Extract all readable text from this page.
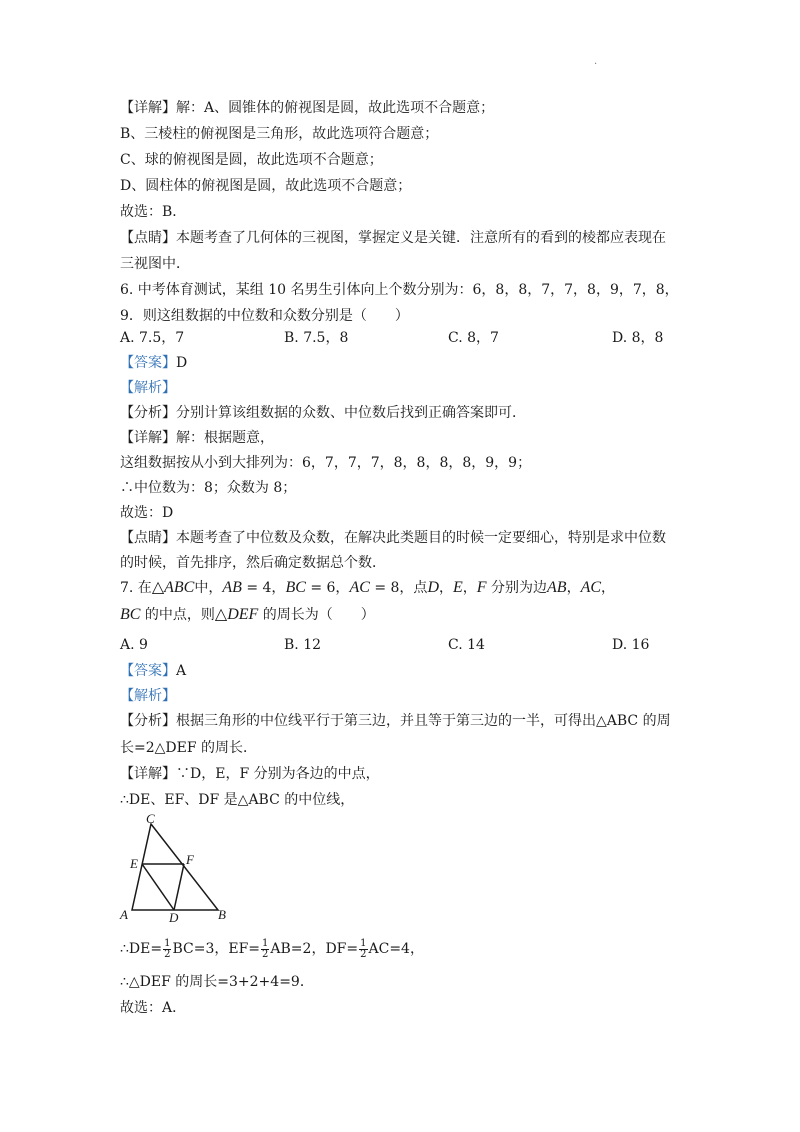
.
【详解】解：A、圆锥体的俯视图是圆，故此选项不合题意；
B、三棱柱的俯视图是三角形，故此选项符合题意；
C、球的俯视图是圆，故此选项不合题意；
D、圆柱体的俯视图是圆，故此选项不合题意；
故选：B．
【点睛】本题考查了几何体的三视图，掌握定义是关键．注意所有的看到的棱都应表现在
三视图中．
6. 中考体育测试，某组 10 名男生引体向上个数分别为：6，8，8，7，7，8，9，7，8，
9．则这组数据的中位数和众数分别是（　　）
A. 7.5，7	B. 7.5，8	C. 8，7	D. 8，8
【答案】D
【解析】
【分析】分别计算该组数据的众数、中位数后找到正确答案即可．
【详解】解：根据题意，
这组数据按从小到大排列为：6，7，7，7，8，8，8，8，9，9；
∴中位数为：8；众数为 8；
故选：D
【点睛】本题考查了中位数及众数，在解决此类题目的时候一定要细心，特别是求中位数
的时候，首先排序，然后确定数据总个数．
7. 在△ABC中，AB = 4，BC = 6，AC = 8，点D，E，F 分别为边AB，AC，
BC 的中点，则△DEF 的周长为（　　）
A. 9	B. 12	C. 14	D. 16
【答案】A
【解析】
【分析】根据三角形的中位线平行于第三边，并且等于第三边的一半，可得出△ABC 的周
长=2△DEF 的周长．
【详解】∵D，E，F 分别为各边的中点，
∴DE、EF、DF 是△ABC 的中位线，
C
E	F
A	D	B
∴DE= $\frac{1}{2} BC=3$，$EF= \frac{1}{2} AB=2$，$DF= \frac{1}{2} AC=4$，
∴△DEF 的周长=3+2+4=9．
故选：A．
